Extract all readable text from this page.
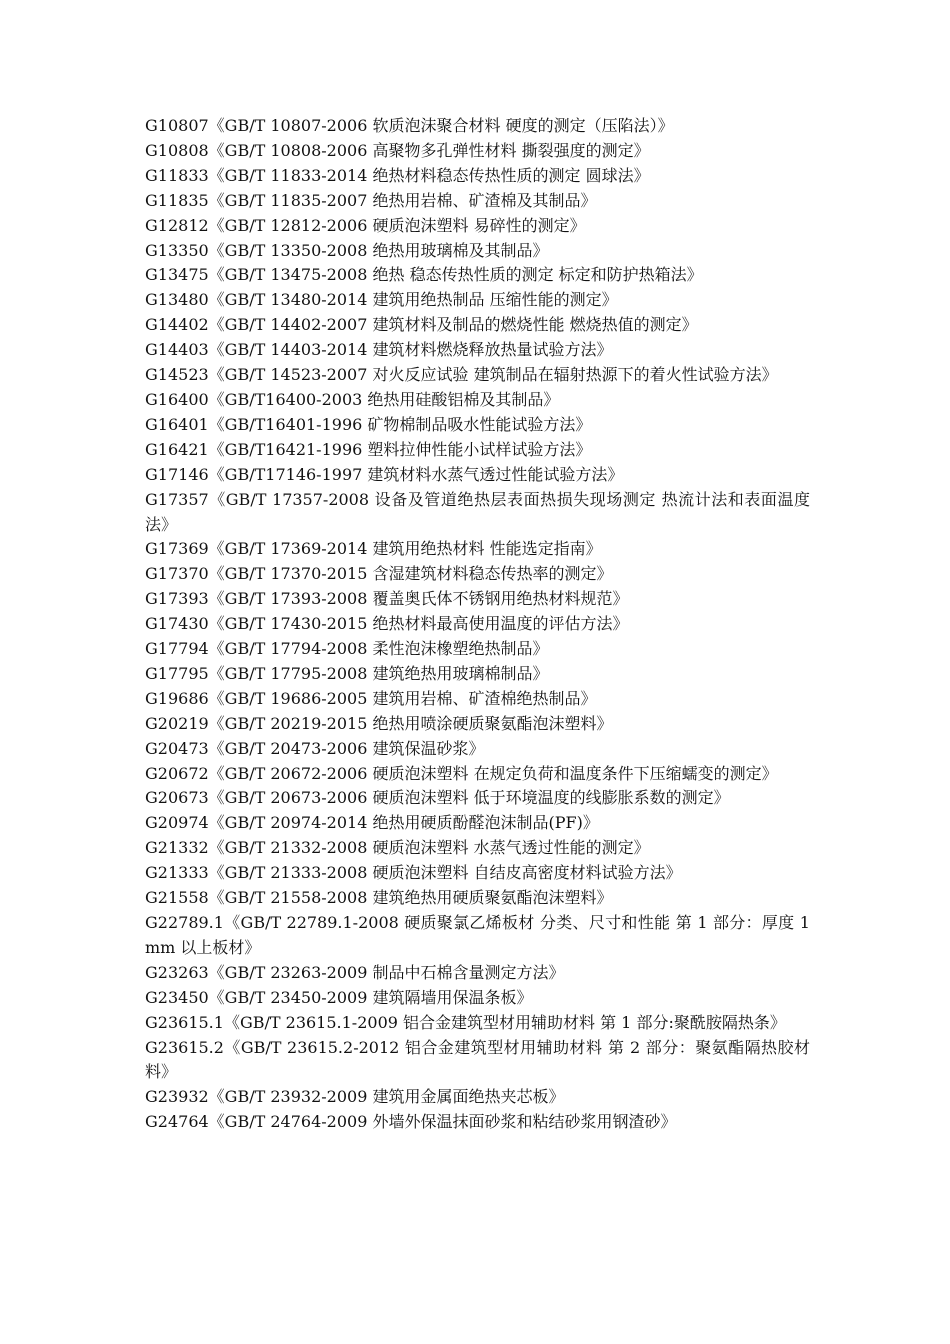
G10807《GB/T 10807-2006 软质泡沫聚合材料 硬度的测定（压陷法）》
G10808《GB/T 10808-2006 高聚物多孔弹性材料 撕裂强度的测定》
G11833《GB/T 11833-2014 绝热材料稳态传热性质的测定 圆球法》
G11835《GB/T 11835-2007 绝热用岩棉、矿渣棉及其制品》
G12812《GB/T 12812-2006 硬质泡沫塑料 易碎性的测定》
G13350《GB/T 13350-2008 绝热用玻璃棉及其制品》
G13475《GB/T 13475-2008 绝热 稳态传热性质的测定 标定和防护热箱法》
G13480《GB/T 13480-2014 建筑用绝热制品 压缩性能的测定》
G14402《GB/T 14402-2007 建筑材料及制品的燃烧性能 燃烧热值的测定》
G14403《GB/T 14403-2014 建筑材料燃烧释放热量试验方法》
G14523《GB/T 14523-2007 对火反应试验 建筑制品在辐射热源下的着火性试验方法》
G16400《GB/T16400-2003 绝热用硅酸铝棉及其制品》
G16401《GB/T16401-1996 矿物棉制品吸水性能试验方法》
G16421《GB/T16421-1996 塑料拉伸性能小试样试验方法》
G17146《GB/T17146-1997 建筑材料水蒸气透过性能试验方法》
G17357《GB/T 17357-2008 设备及管道绝热层表面热损失现场测定 热流计法和表面温度法》
G17369《GB/T 17369-2014 建筑用绝热材料 性能选定指南》
G17370《GB/T 17370-2015 含湿建筑材料稳态传热率的测定》
G17393《GB/T 17393-2008 覆盖奥氏体不锈钢用绝热材料规范》
G17430《GB/T 17430-2015 绝热材料最高使用温度的评估方法》
G17794《GB/T 17794-2008 柔性泡沫橡塑绝热制品》
G17795《GB/T 17795-2008 建筑绝热用玻璃棉制品》
G19686《GB/T 19686-2005 建筑用岩棉、矿渣棉绝热制品》
G20219《GB/T 20219-2015 绝热用喷涂硬质聚氨酯泡沫塑料》
G20473《GB/T 20473-2006 建筑保温砂浆》
G20672《GB/T 20672-2006 硬质泡沫塑料 在规定负荷和温度条件下压缩蠕变的测定》
G20673《GB/T 20673-2006 硬质泡沫塑料 低于环境温度的线膨胀系数的测定》
G20974《GB/T 20974-2014 绝热用硬质酚醛泡沫制品(PF)》
G21332《GB/T 21332-2008 硬质泡沫塑料 水蒸气透过性能的测定》
G21333《GB/T 21333-2008 硬质泡沫塑料 自结皮高密度材料试验方法》
G21558《GB/T 21558-2008 建筑绝热用硬质聚氨酯泡沫塑料》
G22789.1《GB/T 22789.1-2008 硬质聚氯乙烯板材 分类、尺寸和性能 第 1 部分：厚度 1mm 以上板材》
G23263《GB/T 23263-2009 制品中石棉含量测定方法》
G23450《GB/T 23450-2009 建筑隔墙用保温条板》
G23615.1《GB/T 23615.1-2009 铝合金建筑型材用辅助材料 第 1 部分:聚酰胺隔热条》
G23615.2《GB/T 23615.2-2012 铝合金建筑型材用辅助材料 第 2 部分：聚氨酯隔热胶材料》
G23932《GB/T 23932-2009 建筑用金属面绝热夹芯板》
G24764《GB/T 24764-2009 外墙外保温抹面砂浆和粘结砂浆用钢渣砂》
